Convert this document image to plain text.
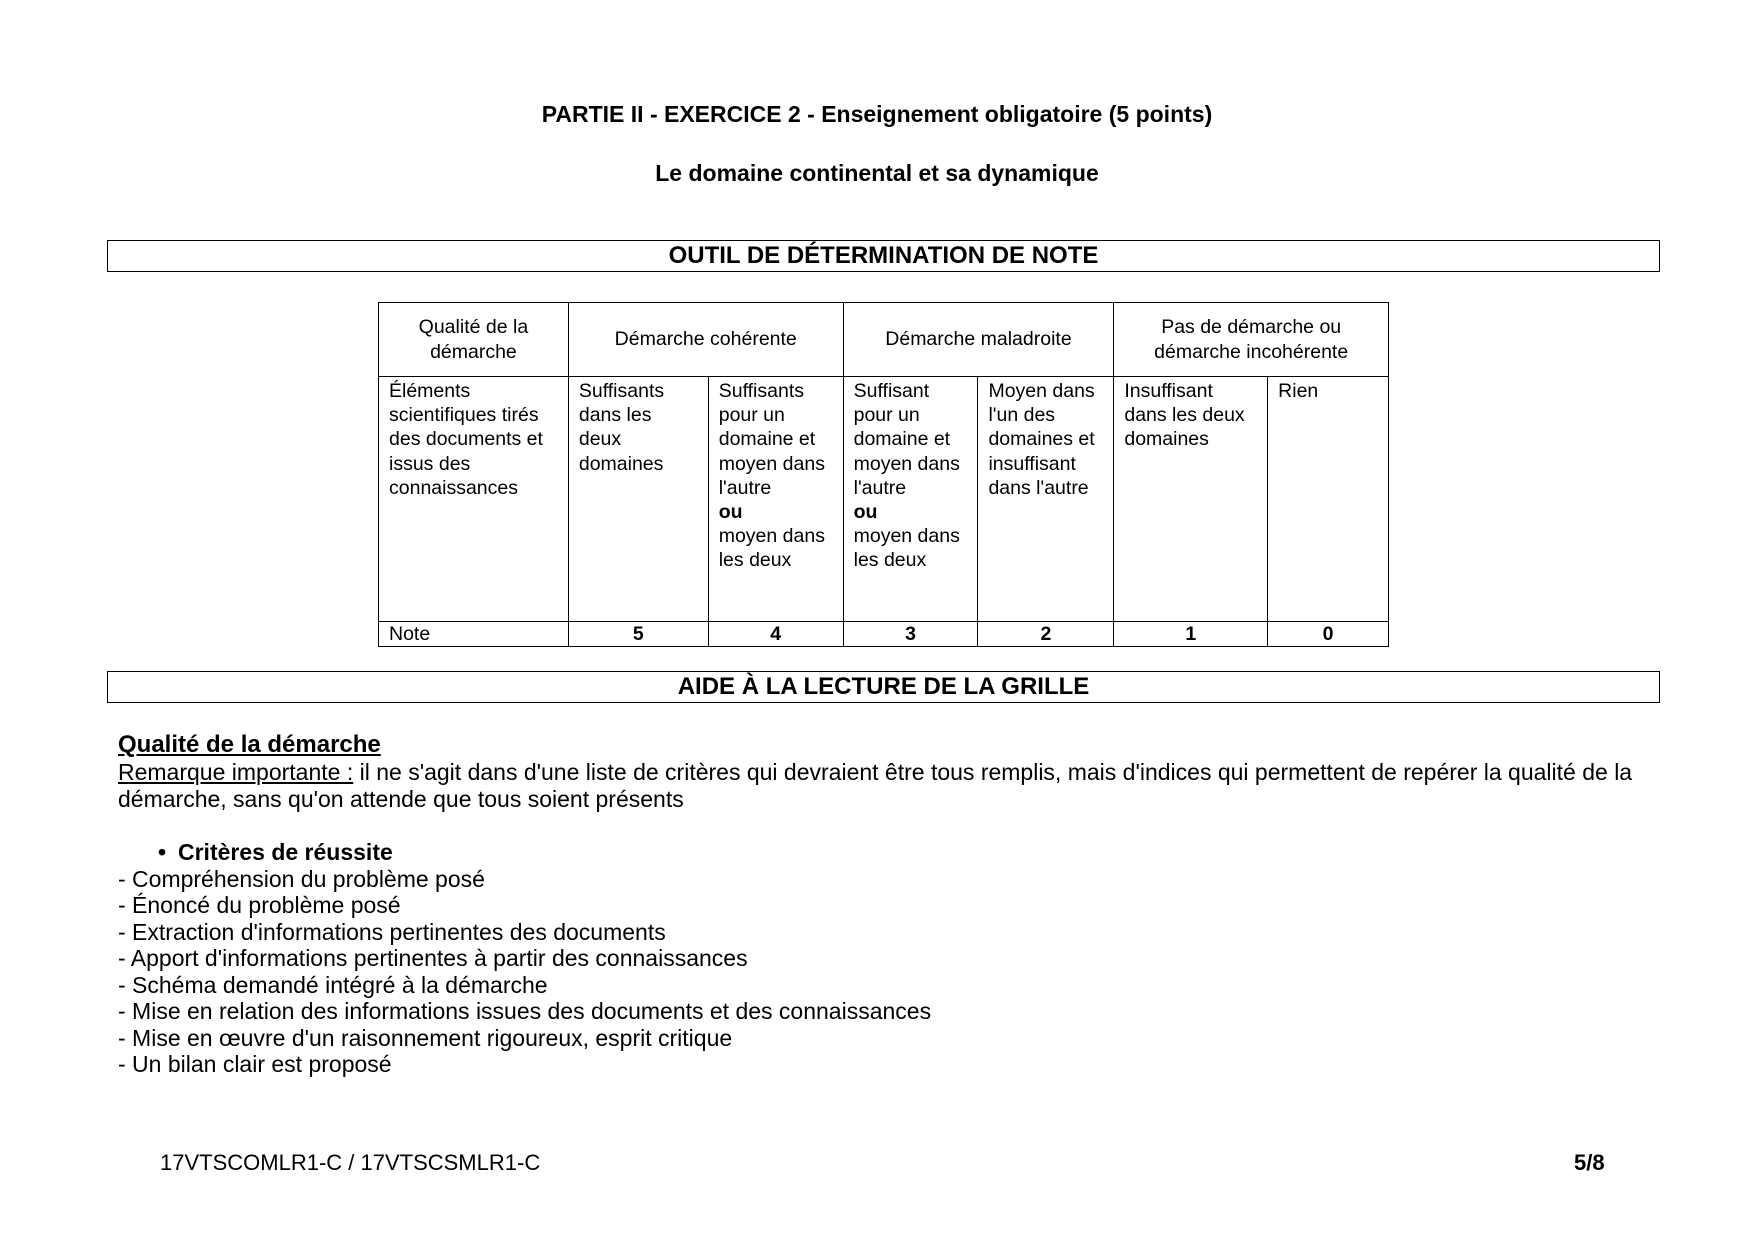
PARTIE II - EXERCICE 2 - Enseignement obligatoire (5 points)
Le domaine continental et sa dynamique
OUTIL DE DÉTERMINATION DE NOTE
Qualité de la démarche	Démarche cohérente		Démarche maladroite		Pas de démarche ou démarche incohérente	
Éléments scientifiques tirés des documents et issus des connaissances	Suffisants dans les deux domaines	Suffisants pour un domaine et moyen dans l'autre
ou
moyen dans les deux	Suffisant pour un domaine et moyen dans l'autre
ou
moyen dans les deux	Moyen dans l'un des domaines et insuffisant dans l'autre	Insuffisant dans les deux domaines	Rien
Note	5	4	3	2	1	0
AIDE À LA LECTURE DE LA GRILLE
Qualité de la démarche
Remarque importante : il ne s'agit dans d'une liste de critères qui devraient être tous remplis, mais d'indices qui permettent de repérer la qualité de la démarche, sans qu'on attende que tous soient présents
• Critères de réussite
- Compréhension du problème posé
- Énoncé du problème posé
- Extraction d'informations pertinentes des documents
- Apport d'informations pertinentes à partir des connaissances
- Schéma demandé intégré à la démarche
- Mise en relation des informations issues des documents et des connaissances
- Mise en œuvre d'un raisonnement rigoureux, esprit critique
- Un bilan clair est proposé
17VTSCOMLR1-C / 17VTSCSMLR1-C	5/8
